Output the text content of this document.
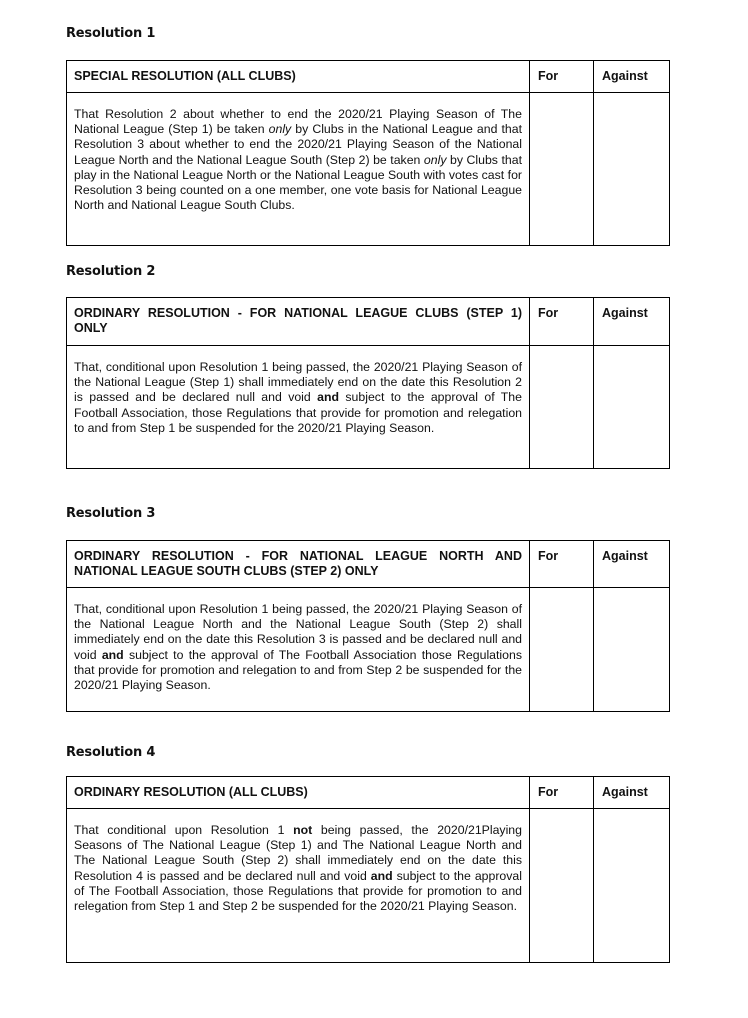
Resolution 1
SPECIAL RESOLUTION (ALL CLUBS)	For	Against

That Resolution 2 about whether to end the 2020/21 Playing Season of The National League (Step 1) be taken only by Clubs in the National League and that Resolution 3 about whether to end the 2020/21 Playing Season of the National League North and the National League South (Step 2) be taken only by Clubs that play in the National League North or the National League South with votes cast for Resolution 3 being counted on a one member, one vote basis for National League North and National League South Clubs.		

Resolution 2
ORDINARY RESOLUTION - FOR NATIONAL LEAGUE CLUBS (STEP 1) ONLY	For	Against

That, conditional upon Resolution 1 being passed, the 2020/21 Playing Season of the National League (Step 1) shall immediately end on the date this Resolution 2 is passed and be declared null and void and subject to the approval of The Football Association, those Regulations that provide for promotion and relegation to and from Step 1 be suspended for the 2020/21 Playing Season.		

Resolution 3
ORDINARY RESOLUTION - FOR NATIONAL LEAGUE NORTH AND NATIONAL LEAGUE SOUTH CLUBS (STEP 2) ONLY	For	Against

That, conditional upon Resolution 1 being passed, the 2020/21 Playing Season of the National League North and the National League South (Step 2) shall immediately end on the date this Resolution 3 is passed and be declared null and void and subject to the approval of The Football Association those Regulations that provide for promotion and relegation to and from Step 2 be suspended for the 2020/21 Playing Season.		

Resolution 4
ORDINARY RESOLUTION (ALL CLUBS)	For	Against

That conditional upon Resolution 1 not being passed, the 2020/21Playing Seasons of The National League (Step 1) and The National League North and The National League South (Step 2) shall immediately end on the date this Resolution 4 is passed and be declared null and void and subject to the approval of The Football Association, those Regulations that provide for promotion to and relegation from Step 1 and Step 2 be suspended for the 2020/21 Playing Season.		
